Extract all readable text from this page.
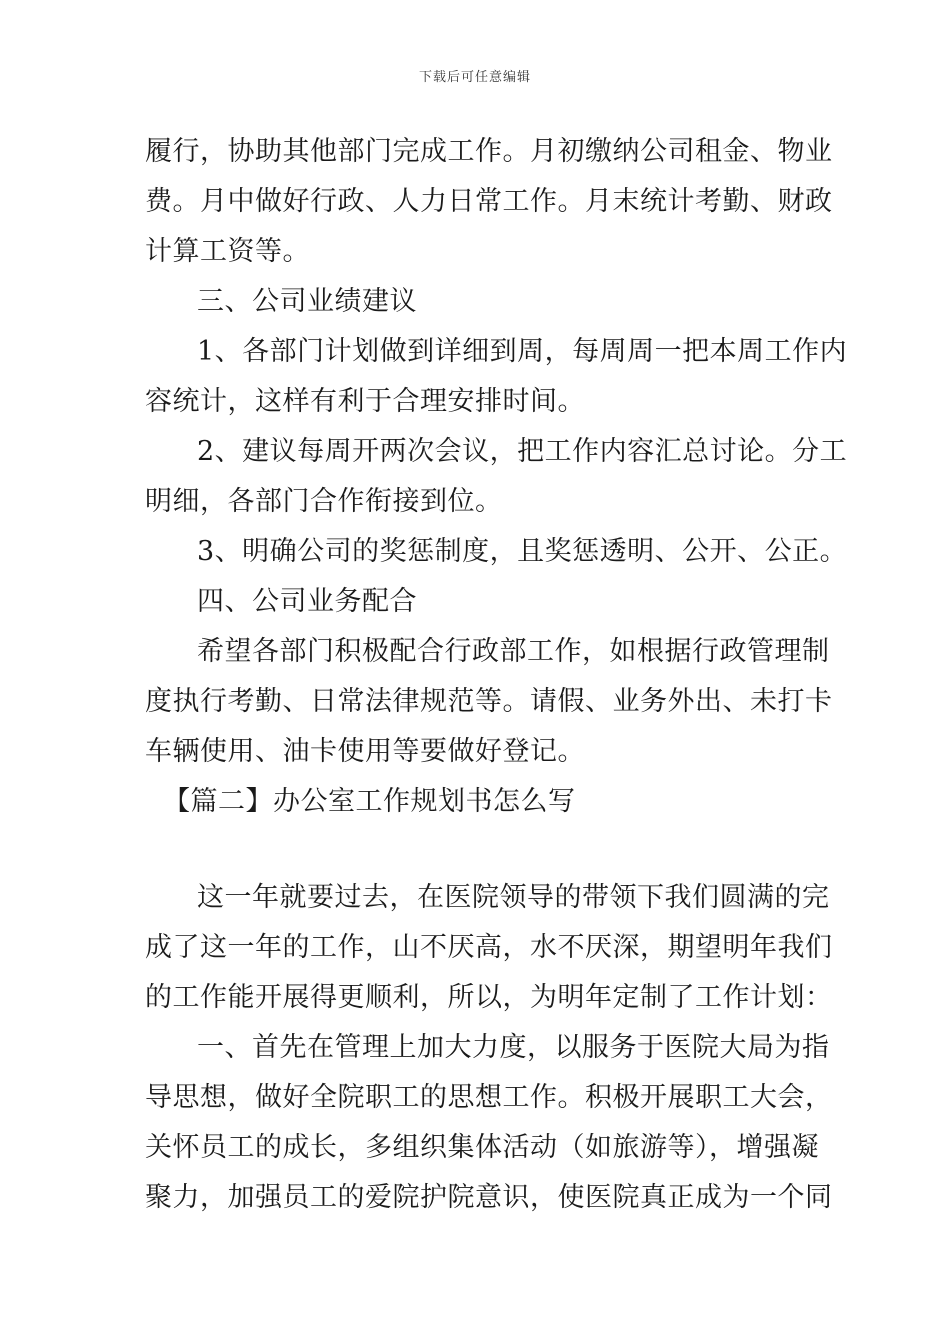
下载后可任意编辑
履行，协助其他部门完成工作。月初缴纳公司租金、物业
费。月中做好行政、人力日常工作。月末统计考勤、财政
计算工资等。
三、公司业绩建议
1、各部门计划做到详细到周，每周周一把本周工作内
容统计，这样有利于合理安排时间。
2、建议每周开两次会议，把工作内容汇总讨论。分工
明细，各部门合作衔接到位。
3、明确公司的奖惩制度，且奖惩透明、公开、公正。
四、公司业务配合
希望各部门积极配合行政部工作，如根据行政管理制
度执行考勤、日常法律规范等。请假、业务外出、未打卡
车辆使用、油卡使用等要做好登记。
【篇二】办公室工作规划书怎么写
这一年就要过去，在医院领导的带领下我们圆满的完
成了这一年的工作，山不厌高，水不厌深，期望明年我们
的工作能开展得更顺利，所以，为明年定制了工作计划：
一、首先在管理上加大力度，以服务于医院大局为指
导思想，做好全院职工的思想工作。积极开展职工大会，
关怀员工的成长，多组织集体活动（如旅游等），增强凝
聚力，加强员工的爱院护院意识，使医院真正成为一个同
